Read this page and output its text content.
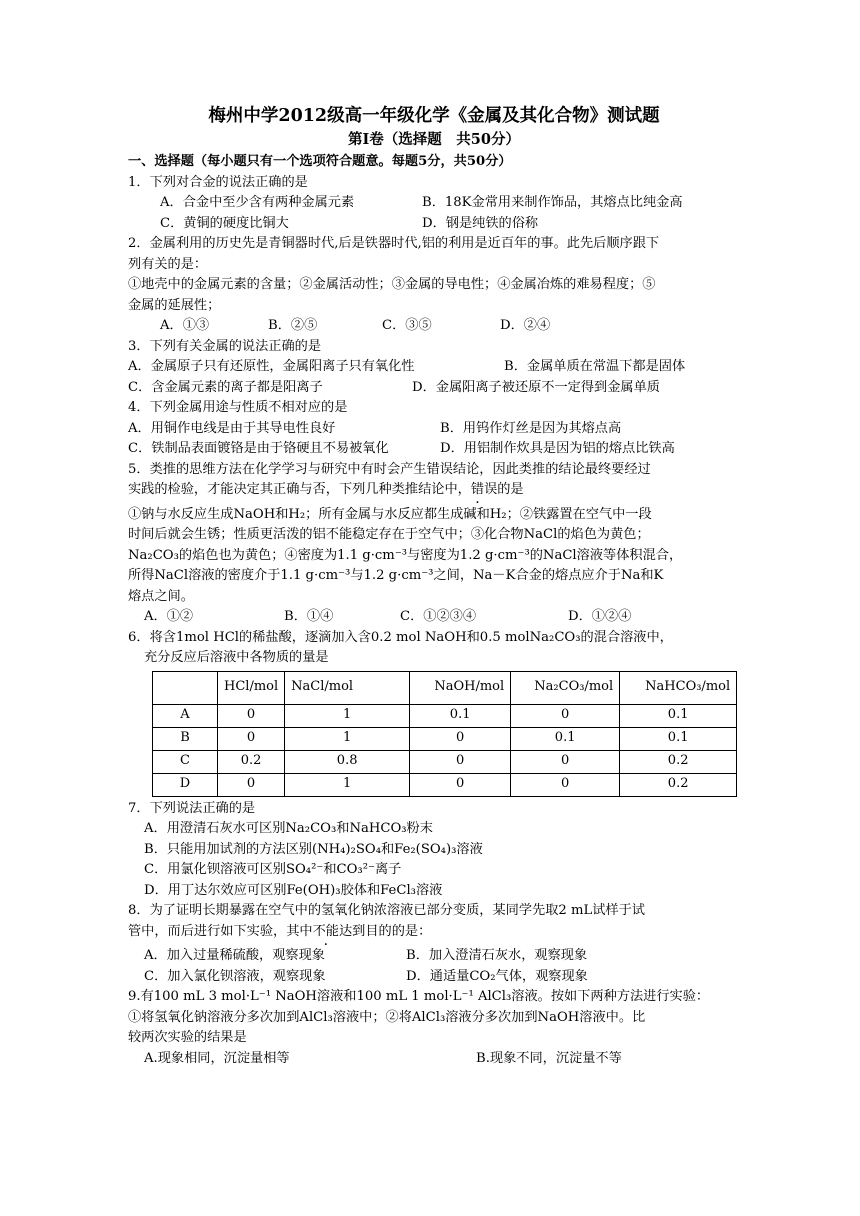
梅州中学2012级高一年级化学《金属及其化合物》测试题
第Ⅰ卷（选择题　共50分）
一、选择题（每小题只有一个选项符合题意。每题5分，共50分）
1．下列对合金的说法正确的是
A．合金中至少含有两种金属元素	B．18K金常用来制作饰品，其熔点比纯金高
C．黄铜的硬度比铜大	D．钢是纯铁的俗称
2．金属利用的历史先是青铜器时代,后是铁器时代,铝的利用是近百年的事。此先后顺序跟下
列有关的是：
①地壳中的金属元素的含量；②金属活动性；③金属的导电性；④金属冶炼的难易程度；⑤
金属的延展性；
A．①③	B．②⑤	C．③⑤	D．②④
3．下列有关金属的说法正确的是
A．金属原子只有还原性，金属阳离子只有氧化性	B．金属单质在常温下都是固体
C．含金属元素的离子都是阳离子	D．金属阳离子被还原不一定得到金属单质
4．下列金属用途与性质不相对应的是
A．用铜作电线是由于其导电性良好	B．用钨作灯丝是因为其熔点高
C．铁制品表面镀铬是由于铬硬且不易被氧化	D．用铝制作炊具是因为铝的熔点比铁高
5．类推的思维方法在化学学习与研究中有时会产生错误结论，因此类推的结论最终要经过
实践的检验，才能决定其正确与否，下列几种类推结论中，错误的是
①钠与水反应生成NaOH和H₂；所有金属与水反应都生成碱和H₂；②铁露置在空气中一段
时间后就会生锈；性质更活泼的铝不能稳定存在于空气中；③化合物NaCl的焰色为黄色；
Na₂CO₃的焰色也为黄色；④密度为1.1 g·cm⁻³与密度为1.2 g·cm⁻³的NaCl溶液等体积混合，
所得NaCl溶液的密度介于1.1 g·cm⁻³与1.2 g·cm⁻³之间，Na－K合金的熔点应介于Na和K
熔点之间。
A．①②	B．①④	C．①②③④	D．①②④
6．将含1mol HCl的稀盐酸，逐滴加入含0.2 mol NaOH和0.5 molNa₂CO₃的混合溶液中，
充分反应后溶液中各物质的量是
	HCl/mol	NaCl/mol	NaOH/mol	Na₂CO₃/mol	NaHCO₃/mol
A	0	1	0.1	0	0.1
B	0	1	0	0.1	0.1
C	0.2	0.8	0	0	0.2
D	0	1	0	0	0.2
7．下列说法正确的是
A．用澄清石灰水可区别Na₂CO₃和NaHCO₃粉末
B．只能用加试剂的方法区别(NH₄)₂SO₄和Fe₂(SO₄)₃溶液
C．用氯化钡溶液可区别SO₄²⁻和CO₃²⁻离子
D．用丁达尔效应可区别Fe(OH)₃胶体和FeCl₃溶液
8．为了证明长期暴露在空气中的氢氧化钠浓溶液已部分变质，某同学先取2 mL试样于试
管中，而后进行如下实验，其中不能达到目的的是：
A．加入过量稀硫酸，观察现象	B．加入澄清石灰水，观察现象
C．加入氯化钡溶液，观察现象	D．通适量CO₂气体，观察现象
9.有100 mL 3 mol·L⁻¹ NaOH溶液和100 mL 1 mol·L⁻¹ AlCl₃溶液。按如下两种方法进行实验：
①将氢氧化钠溶液分多次加到AlCl₃溶液中；②将AlCl₃溶液分多次加到NaOH溶液中。比
较两次实验的结果是
A.现象相同，沉淀量相等	B.现象不同，沉淀量不等
